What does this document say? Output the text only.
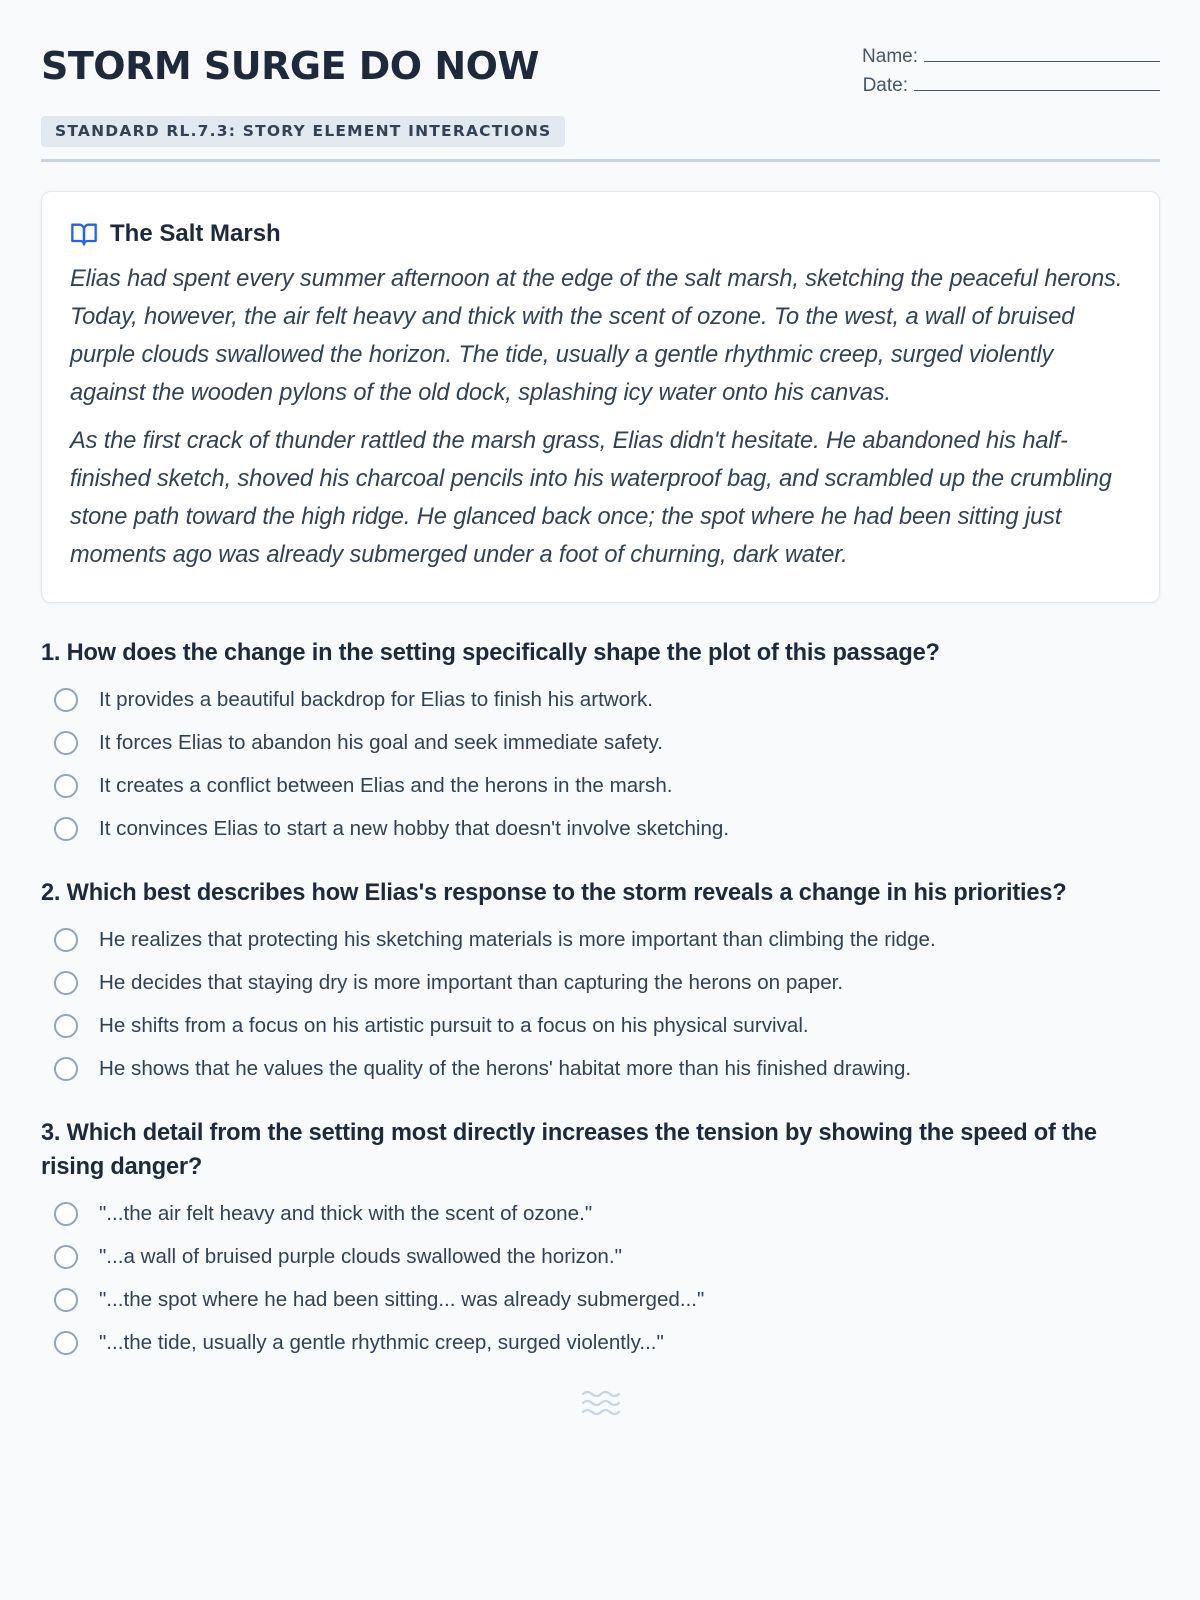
STORM SURGE DO NOW	Name:
Date:
STANDARD RL.7.3: STORY ELEMENT INTERACTIONS
The Salt Marsh

Elias had spent every summer afternoon at the edge of the salt marsh, sketching the peaceful herons. Today, however, the air felt heavy and thick with the scent of ozone. To the west, a wall of bruised purple clouds swallowed the horizon. The tide, usually a gentle rhythmic creep, surged violently against the wooden pylons of the old dock, splashing icy water onto his canvas.

As the first crack of thunder rattled the marsh grass, Elias didn't hesitate. He abandoned his half-finished sketch, shoved his charcoal pencils into his waterproof bag, and scrambled up the crumbling stone path toward the high ridge. He glanced back once; the spot where he had been sitting just moments ago was already submerged under a foot of churning, dark water.

1. How does the change in the setting specifically shape the plot of this passage?

It provides a beautiful backdrop for Elias to finish his artwork.
It forces Elias to abandon his goal and seek immediate safety.
It creates a conflict between Elias and the herons in the marsh.
It convinces Elias to start a new hobby that doesn't involve sketching.

2. Which best describes how Elias's response to the storm reveals a change in his priorities?

He realizes that protecting his sketching materials is more important than climbing the ridge.
He decides that staying dry is more important than capturing the herons on paper.
He shifts from a focus on his artistic pursuit to a focus on his physical survival.
He shows that he values the quality of the herons' habitat more than his finished drawing.

3. Which detail from the setting most directly increases the tension by showing the speed of the rising danger?

"...the air felt heavy and thick with the scent of ozone."
"...a wall of bruised purple clouds swallowed the horizon."
"...the spot where he had been sitting... was already submerged..."
"...the tide, usually a gentle rhythmic creep, surged violently..."
